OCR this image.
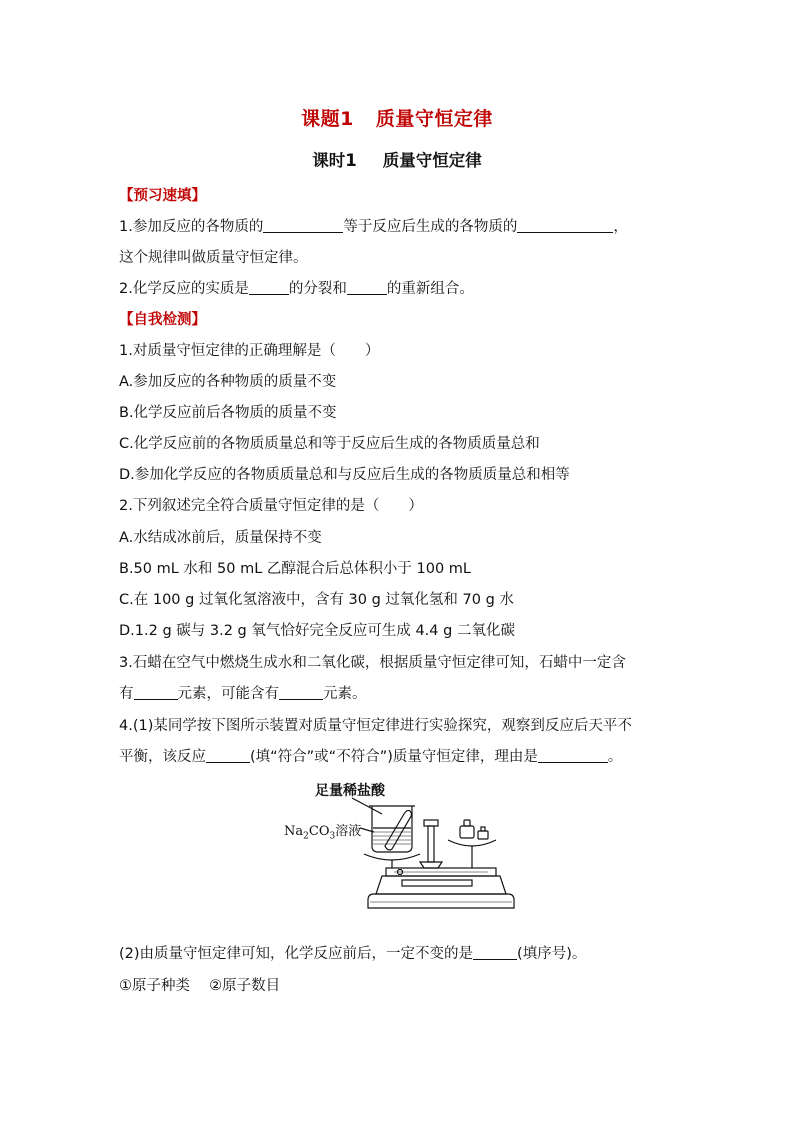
课题1 质量守恒定律
课时1 质量守恒定律
【预习速填】
1.参加反应的各物质的	等于反应后生成的各物质的	，
这个规律叫做质量守恒定律。
2.化学反应的实质是	的分裂和	的重新组合。
【自我检测】
1.对质量守恒定律的正确理解是（　　）
A.参加反应的各种物质的质量不变
B.化学反应前后各物质的质量不变
C.化学反应前的各物质质量总和等于反应后生成的各物质质量总和
D.参加化学反应的各物质质量总和与反应后生成的各物质质量总和相等
2.下列叙述完全符合质量守恒定律的是（　　）
A.水结成冰前后，质量保持不变
B.50 mL 水和 50 mL 乙醇混合后总体积小于 100 mL
C.在 100 g 过氧化氢溶液中，含有 30 g 过氧化氢和 70 g 水
D.1.2 g 碳与 3.2 g 氧气恰好完全反应可生成 4.4 g 二氧化碳
3.石蜡在空气中燃烧生成水和二氧化碳，根据质量守恒定律可知，石蜡中一定含
有	元素，可能含有	元素。
4.(1)某同学按下图所示装置对质量守恒定律进行实验探究，观察到反应后天平不
平衡，该反应	(填“符合”或“不符合”)质量守恒定律，理由是	。
足量稀盐酸
$Na_2CO_3$溶液
(2)由质量守恒定律可知，化学反应前后，一定不变的是	(填序号)。
①原子种类　 ②原子数目
